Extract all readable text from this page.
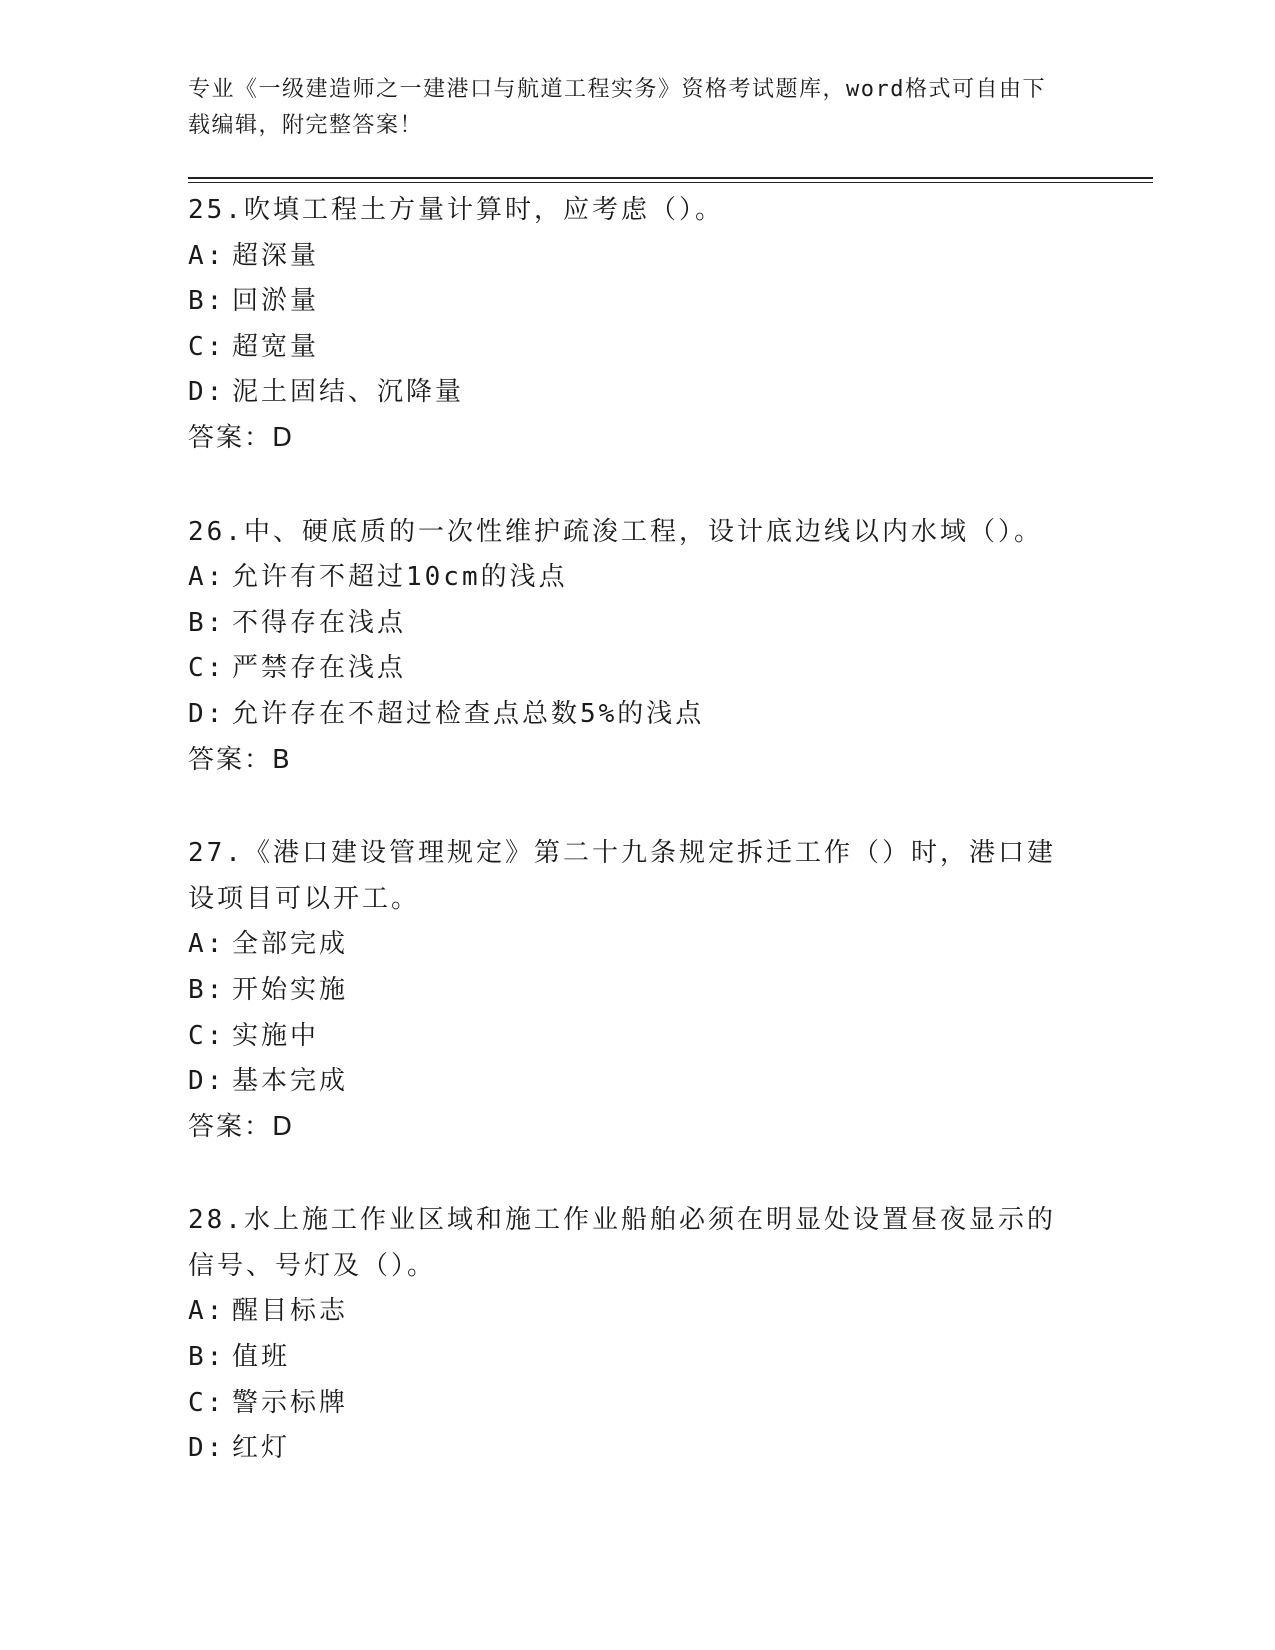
专业《一级建造师之一建港口与航道工程实务》资格考试题库，word格式可自由下载编辑，附完整答案！
25.吹填工程土方量计算时，应考虑（）。
A: 超深量
B: 回淤量
C: 超宽量
D: 泥土固结、沉降量
答案：D
26.中、硬底质的一次性维护疏浚工程，设计底边线以内水域（）。
A: 允许有不超过10cm的浅点
B: 不得存在浅点
C: 严禁存在浅点
D: 允许存在不超过检查点总数5%的浅点
答案：B
27.《港口建设管理规定》第二十九条规定拆迁工作（）时，港口建设项目可以开工。
A: 全部完成
B: 开始实施
C: 实施中
D: 基本完成
答案：D
28.水上施工作业区域和施工作业船舶必须在明显处设置昼夜显示的信号、号灯及（）。
A: 醒目标志
B: 值班
C: 警示标牌
D: 红灯
